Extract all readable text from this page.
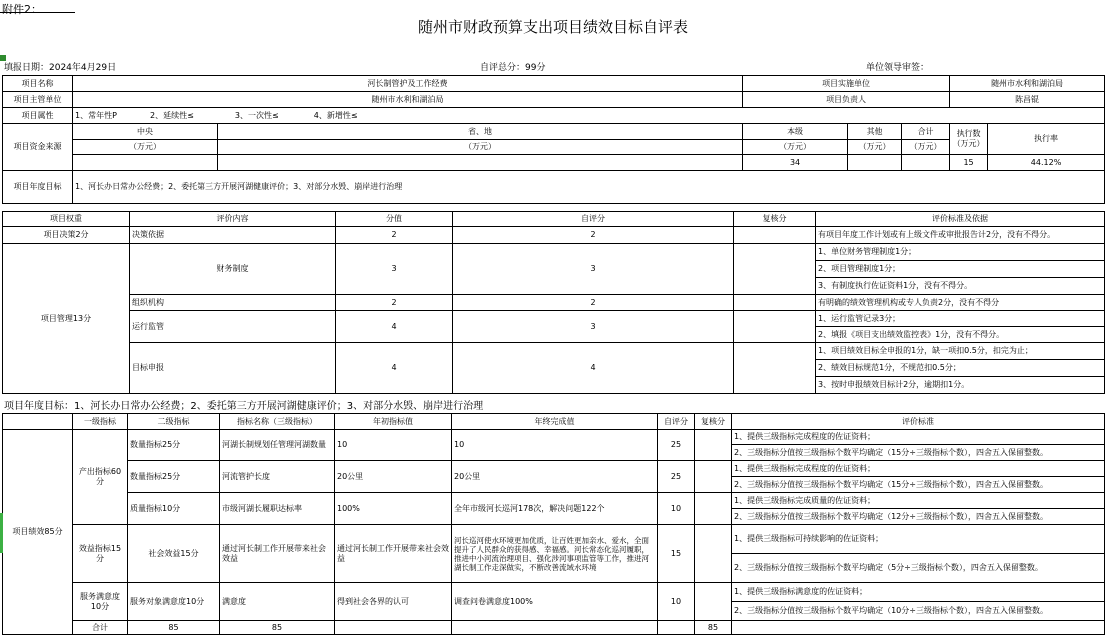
附件2：
随州市财政预算支出项目绩效目标自评表
填报日期：2024年4月29日	自评总分：99分	单位领导审签：
项目名称	河长制管护及工作经费		项目实施单位			随州市水利和湖泊局	
项目主管单位	随州市水利和湖泊局		项目负责人			陈昌锟	
项目属性	1、常年性P 2、延续性≤ 3、一次性≤ 4、新增性≤						
项目资金来源	中央	省、地	本级	其他	合计	执行数（万元）	执行率
	（万元）	（万元）	（万元）	（万元）	（万元）		
			34			15	44.12%
项目年度目标	1、河长办日常办公经费；2、委托第三方开展河湖健康评价；3、对部分水毁、崩岸进行治理						
项目权重	评价内容	分值	自评分	复核分	评价标准及依据
项目决策2分	决策依据	2	2		有项目年度工作计划或有上级文件或审批报告计2分，没有不得分。
项目管理13分	财务制度	3	3		1、单位财务管理制度1分；
					2、项目管理制度1分；
					3、有制度执行佐证资料1分，没有不得分。
	组织机构	2	2		有明确的绩效管理机构或专人负责2分，没有不得分
	运行监管	4	3		1、运行监管记录3分；
					2、填报《项目支出绩效监控表》1分，没有不得分。
	目标申报	4	4		1、项目绩效目标全申报的1分，缺一项扣0.5分，扣完为止；
					2、绩效目标规范1分，不规范扣0.5分；
					3、按时申报绩效目标计2分，逾期扣1分。
项目年度目标：1、河长办日常办公经费；2、委托第三方开展河湖健康评价；3、对部分水毁、崩岸进行治理
	一级指标	二级指标	指标名称（三级指标）	年初指标值	年终完成值	自评分	复核分	评价标准	
项目绩效85分	产出指标60分	数量指标25分	河湖长制规划任管理河湖数量	10	10	25		1、提供三级指标完成程度的佐证资料；	
								2、三级指标分值按三级指标个数平均确定（15分÷三级指标个数），四舍五入保留整数。	
		数量指标25分	河流管护长度	20公里	20公里	25		1、提供三级指标完成程度的佐证资料；	
								2、三级指标分值按三级指标个数平均确定（15分÷三级指标个数），四舍五入保留整数。	
		质量指标10分	市级河湖长履职达标率	100%	全年市级河长巡河178次，解决问题122个	10		1、提供三级指标完成质量的佐证资料；	
								2、三级指标分值按三级指标个数平均确定（12分÷三级指标个数），四舍五入保留整数。	
	效益指标15分	社会效益15分	通过河长制工作开展带来社会效益	通过河长制工作开展带来社会效益	河长巡河使水环境更加优质，让百姓更加亲水、爱水，全面提升了人民群众的获得感、幸福感。河长常态化巡河履职，推进中小河流治理项目、强化涉河事项监管等工作，推进河湖长制工作走深做实，不断改善流域水环境	15		1、提供三级指标可持续影响的佐证资料；	
								2、三级指标分值按三级指标个数平均确定（5分÷三级指标个数），四舍五入保留整数。	
	服务满意度10分	服务对象满意度10分	满意度	得到社会各界的认可	调查问卷满意度100%	10		1、提供三级指标满意度的佐证资料；	
								2、三级指标分值按三级指标个数平均确定（10分÷三级指标个数），四舍五入保留整数。	
	合计	85	85				85		
